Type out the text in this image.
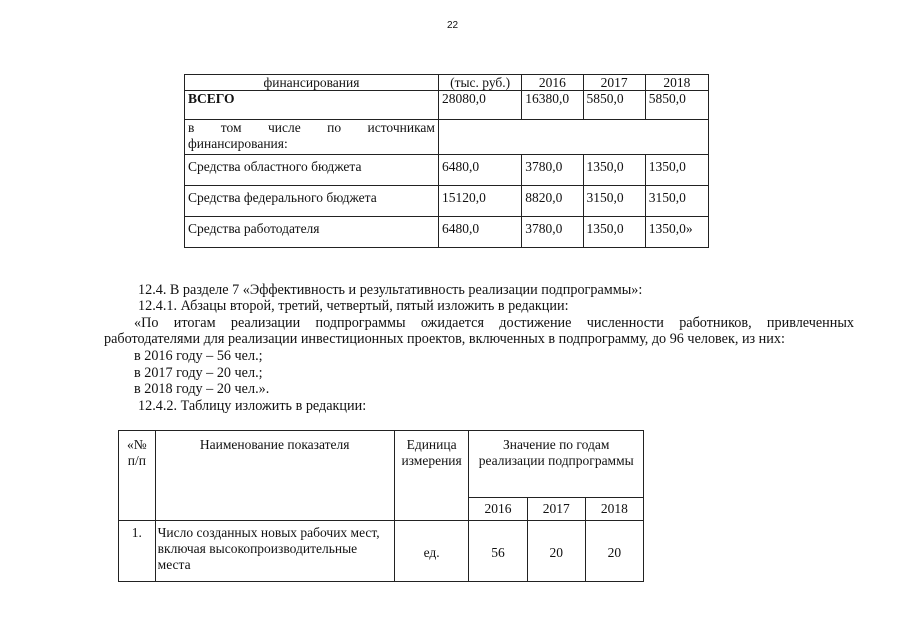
22
финансирования	(тыс. руб.)	2016	2017	2018
ВСЕГО	28080,0	16380,0	5850,0	5850,0
в том числе по источникам финансирования:				
Средства областного бюджета	6480,0	3780,0	1350,0	1350,0
Средства федерального бюджета	15120,0	8820,0	3150,0	3150,0
Средства работодателя	6480,0	3780,0	1350,0	1350,0»
12.4. В разделе 7 «Эффективность и результативность реализации подпрограммы»:
12.4.1. Абзацы второй, третий, четвертый, пятый изложить в редакции:
«По итогам реализации подпрограммы ожидается достижение численности работников, привлеченных
работодателями для реализации инвестиционных проектов, включенных в подпрограмму, до 96 человек, из них:
в 2016 году – 56 чел.;
в 2017 году – 20 чел.;
в 2018 году – 20 чел.».
12.4.2. Таблицу изложить в редакции:
«№ п/п	Наименование показателя	Единица измерения	Значение по годам реализации подпрограммы		
			2016	2017	2018
1.	Число созданных новых рабочих мест, включая высокопроизводительные места	ед.	56	20	20
